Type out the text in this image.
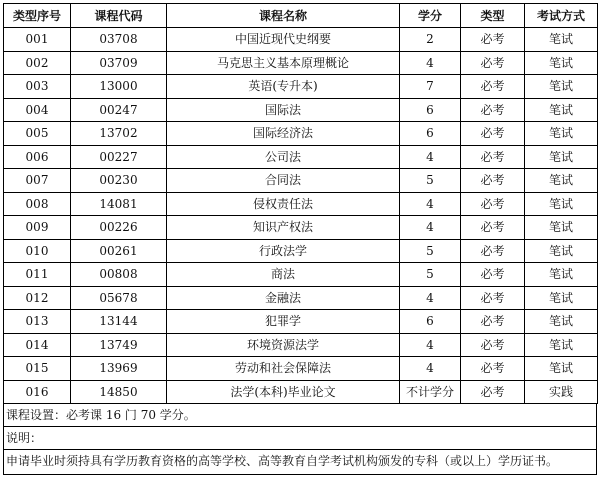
类型序号	课程代码	课程名称	学分	类型	考试方式
001	03708	中国近现代史纲要	2	必考	笔试
002	03709	马克思主义基本原理概论	4	必考	笔试
003	13000	英语(专升本)	7	必考	笔试
004	00247	国际法	6	必考	笔试
005	13702	国际经济法	6	必考	笔试
006	00227	公司法	4	必考	笔试
007	00230	合同法	5	必考	笔试
008	14081	侵权责任法	4	必考	笔试
009	00226	知识产权法	4	必考	笔试
010	00261	行政法学	5	必考	笔试
011	00808	商法	5	必考	笔试
012	05678	金融法	4	必考	笔试
013	13144	犯罪学	6	必考	笔试
014	13749	环境资源法学	4	必考	笔试
015	13969	劳动和社会保障法	4	必考	笔试
016	14850	法学(本科)毕业论文	不计学分	必考	实践
课程设置：必考课 16 门 70 学分。
说明：
申请毕业时须持具有学历教育资格的高等学校、高等教育自学考试机构颁发的专科（或以上）学历证书。
